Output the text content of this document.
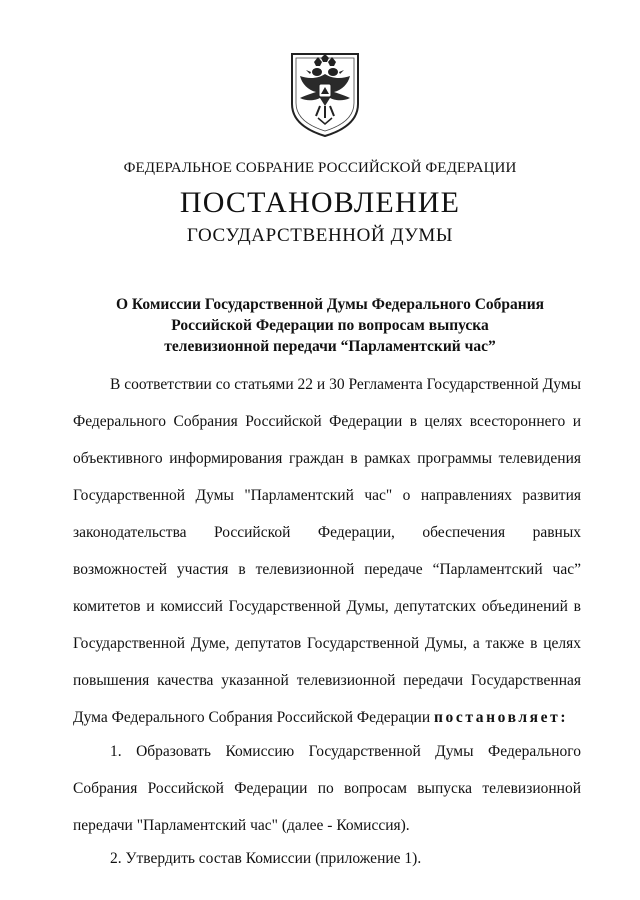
ФЕДЕРАЛЬНОЕ СОБРАНИЕ РОССИЙСКОЙ ФЕДЕРАЦИИ
ПОСТАНОВЛЕНИЕ
ГОСУДАРСТВЕННОЙ ДУМЫ
О Комиссии Государственной Думы Федерального Собрания
Российской Федерации по вопросам выпуска
телевизионной передачи “Парламентский час”
В соответствии со статьями 22 и 30 Регламента Государственной Думы
Федерального Собрания Российской Федерации в целях всестороннего и
объективного информирования граждан в рамках программы телевидения
Государственной Думы "Парламентский час" о направлениях развития
законодательства Российской Федерации, обеспечения равных
возможностей участия в телевизионной передаче “Парламентский час”
комитетов и комиссий Государственной Думы, депутатских объединений в
Государственной Думе, депутатов Государственной Думы, а также в целях
повышения качества указанной телевизионной передачи Государственная
Дума Федерального Собрания Российской Федерации постановляет:
1. Образовать Комиссию Государственной Думы Федерального
Собрания Российской Федерации по вопросам выпуска телевизионной
передачи "Парламентский час" (далее - Комиссия).
2. Утвердить состав Комиссии (приложение 1).
